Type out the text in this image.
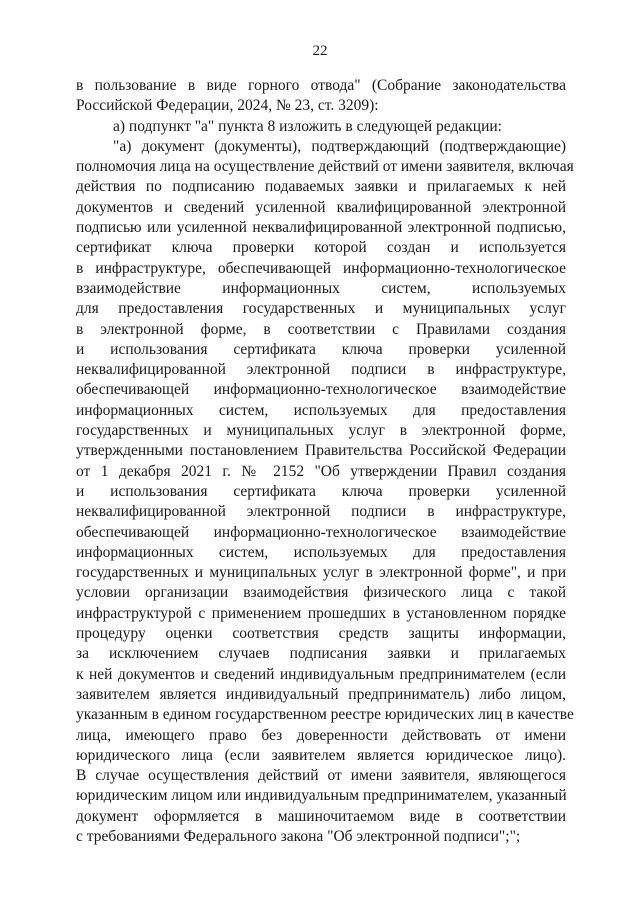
22
в пользование в виде горного отвода" (Собрание законодательства
Российской Федерации, 2024, № 23, ст. 3209):
а) подпункт "а" пункта 8 изложить в следующей редакции:
"а) документ (документы), подтверждающий (подтверждающие)
полномочия лица на осуществление действий от имени заявителя, включая
действия по подписанию подаваемых заявки и прилагаемых к ней
документов и сведений усиленной квалифицированной электронной
подписью или усиленной неквалифицированной электронной подписью,
сертификат ключа проверки которой создан и используется
в инфраструктуре, обеспечивающей информационно-технологическое
взаимодействие информационных систем, используемых
для предоставления государственных и муниципальных услуг
в электронной форме, в соответствии с Правилами создания
и использования сертификата ключа проверки усиленной
неквалифицированной электронной подписи в инфраструктуре,
обеспечивающей информационно-технологическое взаимодействие
информационных систем, используемых для предоставления
государственных и муниципальных услуг в электронной форме,
утвержденными постановлением Правительства Российской Федерации
от 1 декабря 2021 г. № 2152 "Об утверждении Правил создания
и использования сертификата ключа проверки усиленной
неквалифицированной электронной подписи в инфраструктуре,
обеспечивающей информационно-технологическое взаимодействие
информационных систем, используемых для предоставления
государственных и муниципальных услуг в электронной форме", и при
условии организации взаимодействия физического лица с такой
инфраструктурой с применением прошедших в установленном порядке
процедуру оценки соответствия средств защиты информации,
за исключением случаев подписания заявки и прилагаемых
к ней документов и сведений индивидуальным предпринимателем (если
заявителем является индивидуальный предприниматель) либо лицом,
указанным в едином государственном реестре юридических лиц в качестве
лица, имеющего право без доверенности действовать от имени
юридического лица (если заявителем является юридическое лицо).
В случае осуществления действий от имени заявителя, являющегося
юридическим лицом или индивидуальным предпринимателем, указанный
документ оформляется в машиночитаемом виде в соответствии
с требованиями Федерального закона "Об электронной подписи";";
